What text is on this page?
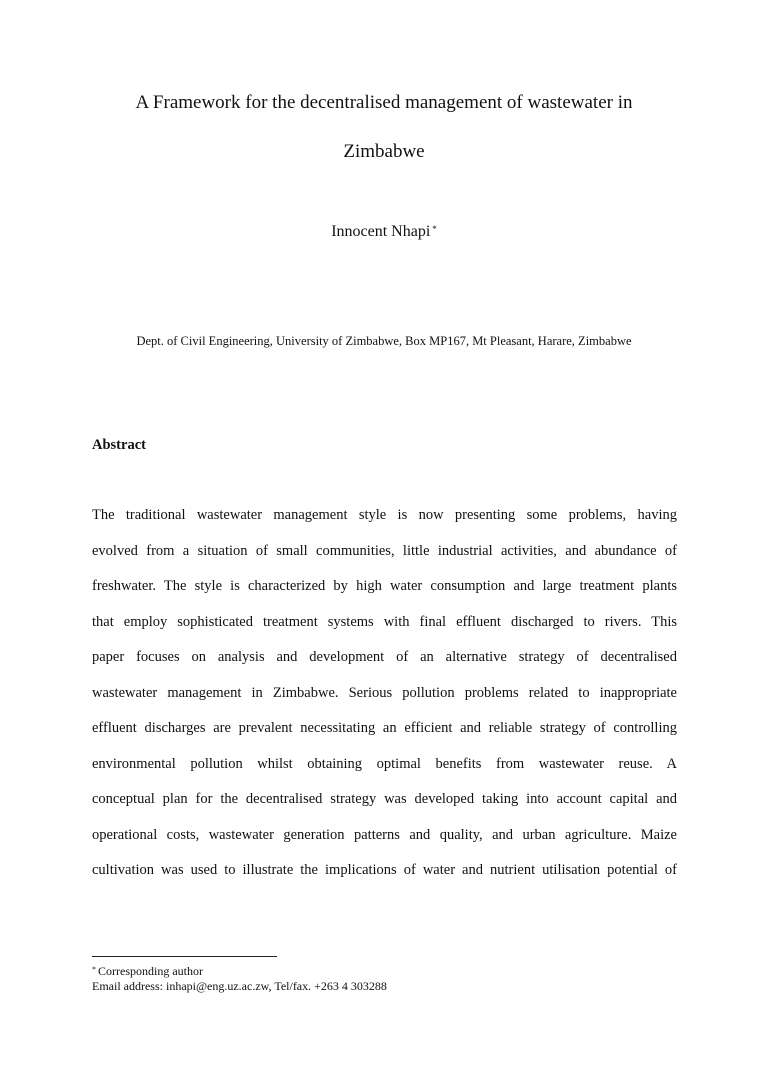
A Framework for the decentralised management of wastewater in
Zimbabwe
Innocent Nhapi *
Dept. of Civil Engineering, University of Zimbabwe, Box MP167, Mt Pleasant, Harare, Zimbabwe
Abstract
The traditional wastewater management style is now presenting some problems, having
evolved from a situation of small communities, little industrial activities, and abundance of
freshwater. The style is characterized by high water consumption and large treatment plants
that employ sophisticated treatment systems with final effluent discharged to rivers. This
paper focuses on analysis and development of an alternative strategy of decentralised
wastewater management in Zimbabwe. Serious pollution problems related to inappropriate
effluent discharges are prevalent necessitating an efficient and reliable strategy of controlling
environmental pollution whilst obtaining optimal benefits from wastewater reuse. A
conceptual plan for the decentralised strategy was developed taking into account capital and
operational costs, wastewater generation patterns and quality, and urban agriculture. Maize
cultivation was used to illustrate the implications of water and nutrient utilisation potential of
* Corresponding author
Email address: inhapi@eng.uz.ac.zw, Tel/fax. +263 4 303288
